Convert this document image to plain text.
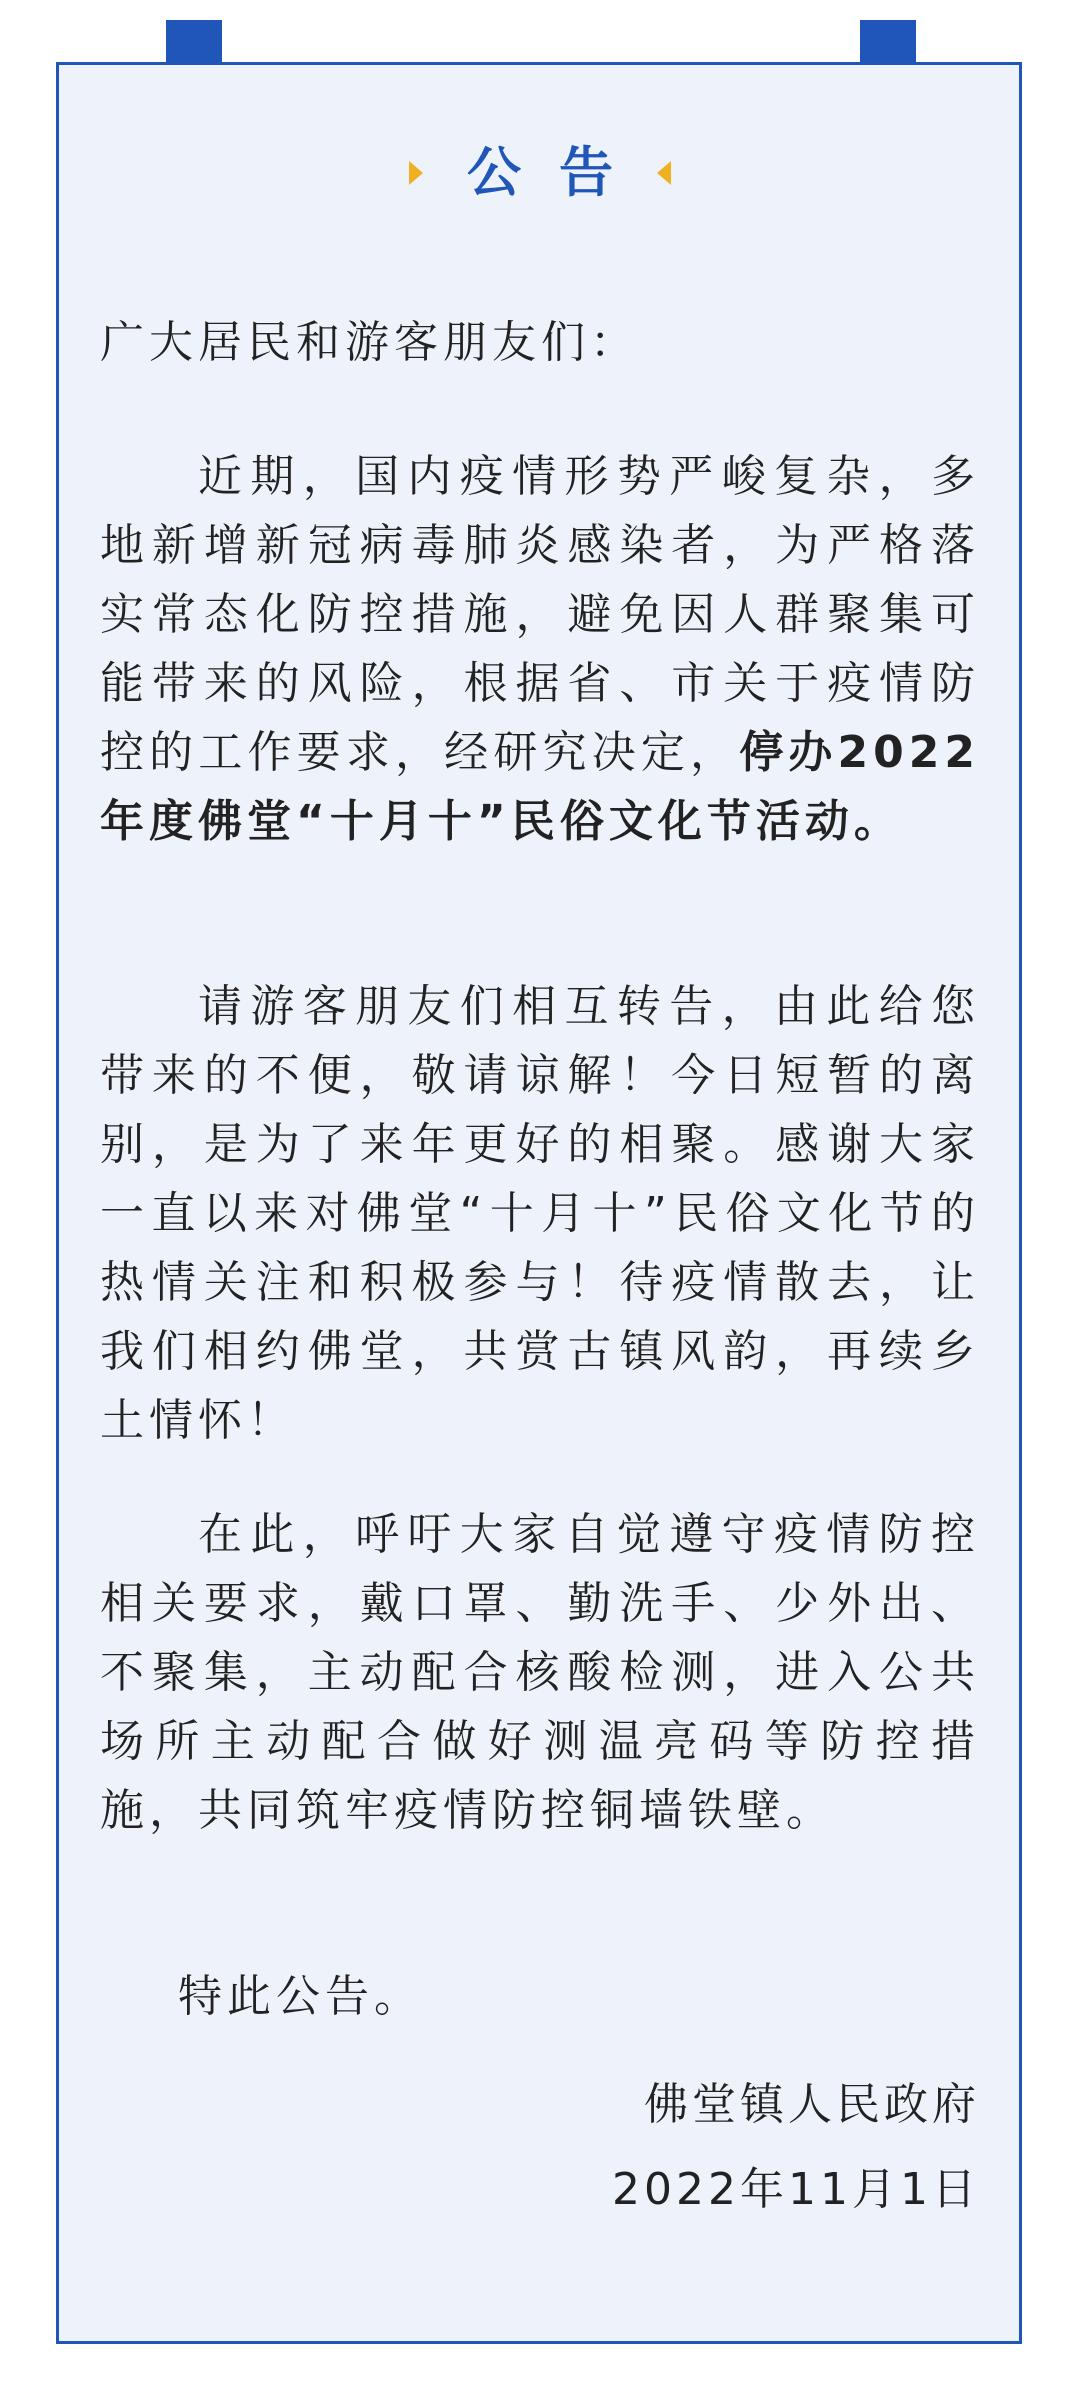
公告
广大居民和游客朋友们：
近期，国内疫情形势严峻复杂，多地新增新冠病毒肺炎感染者，为严格落实常态化防控措施，避免因人群聚集可能带来的风险，根据省、市关于疫情防控的工作要求，经研究决定，停办2022年度佛堂“十月十”民俗文化节活动。
请游客朋友们相互转告，由此给您带来的不便，敬请谅解！今日短暂的离别，是为了来年更好的相聚。感谢大家一直以来对佛堂“十月十”民俗文化节的热情关注和积极参与！待疫情散去，让我们相约佛堂，共赏古镇风韵，再续乡土情怀！
在此，呼吁大家自觉遵守疫情防控相关要求，戴口罩、勤洗手、少外出、不聚集，主动配合核酸检测，进入公共场所主动配合做好测温亮码等防控措施，共同筑牢疫情防控铜墙铁壁。
特此公告。
佛堂镇人民政府
2022年11月1日
